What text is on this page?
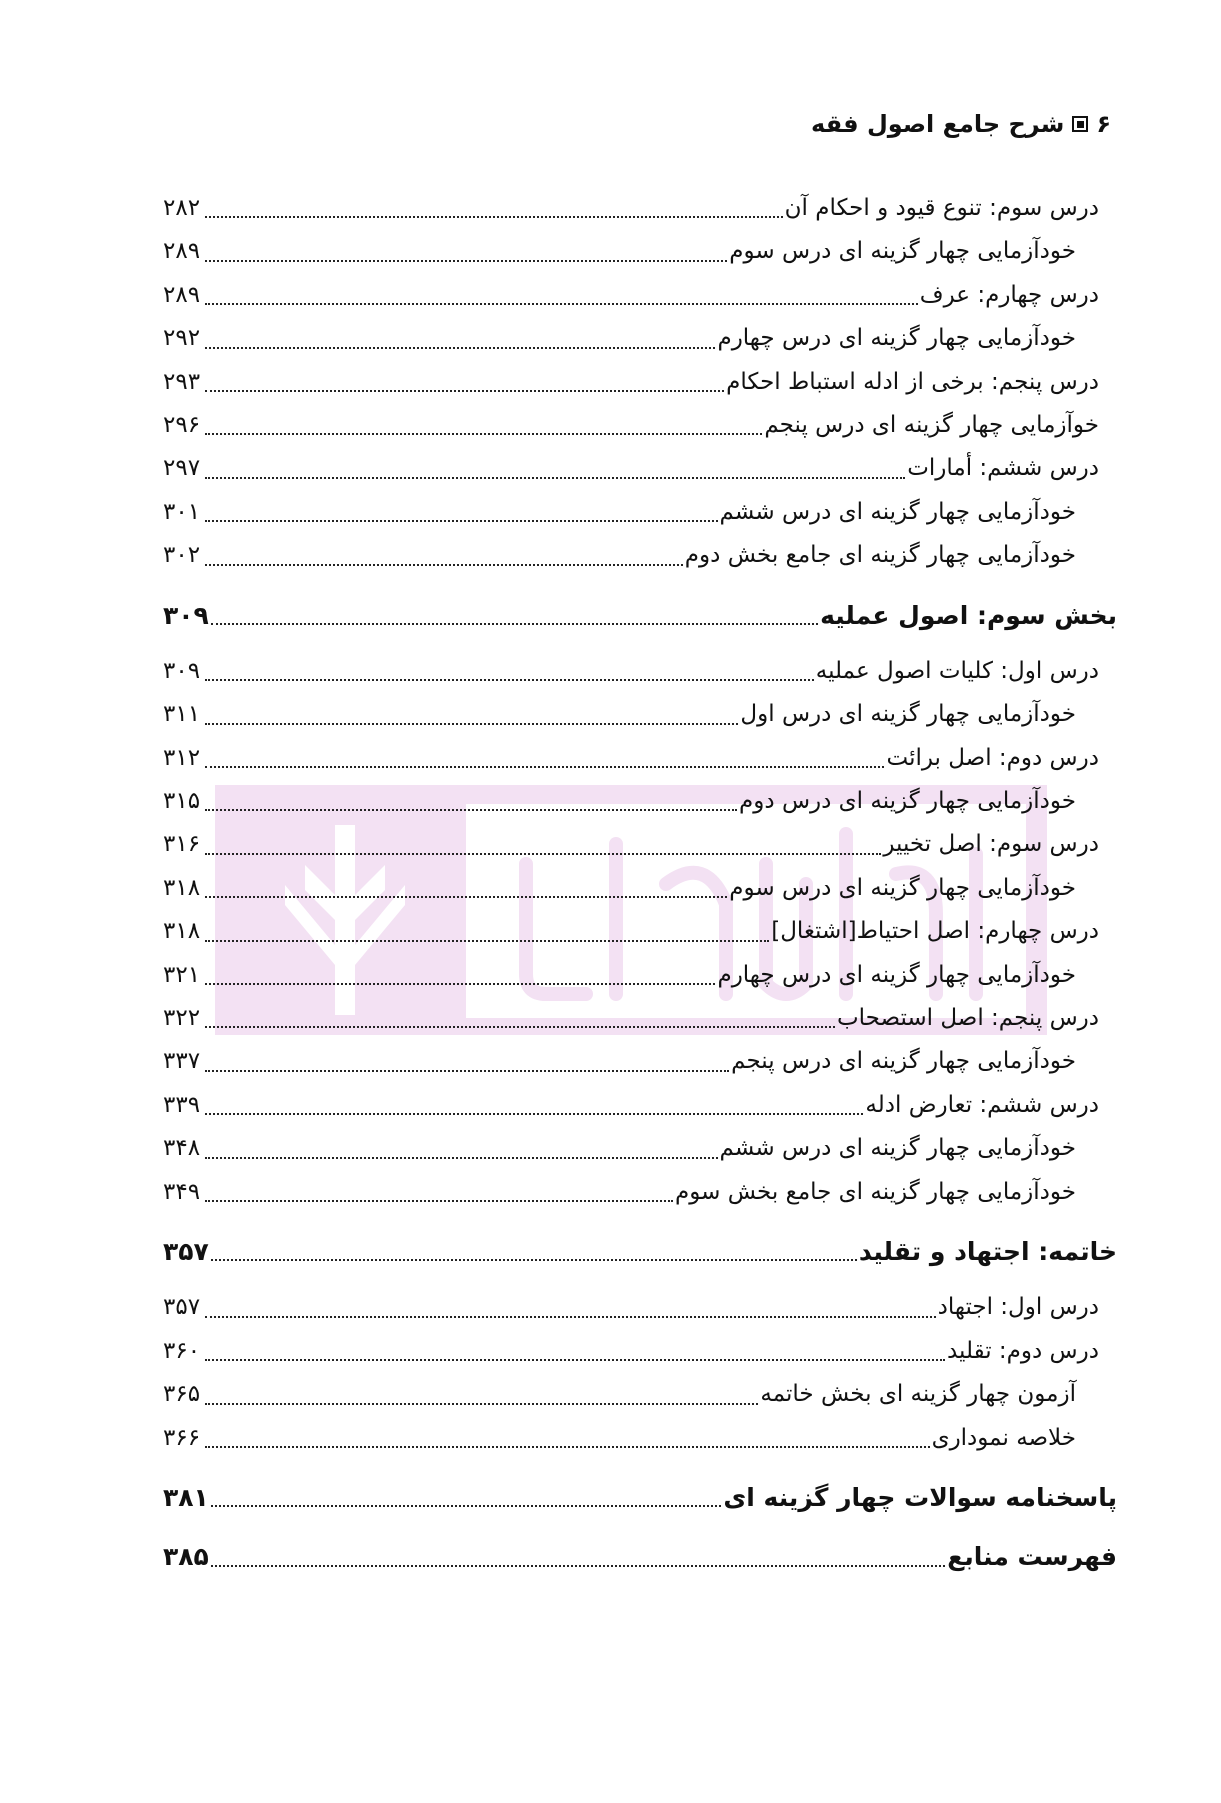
۶
شرح جامع اصول فقه
درس سوم: تنوع قیود و احکام آن
۲۸۲
خودآزمایی چهار گزینه ای درس سوم
۲۸۹
درس چهارم: عرف
۲۸۹
خودآزمایی چهار گزینه ای درس چهارم
۲۹۲
درس پنجم: برخی از ادله استباط احکام
۲۹۳
خوآزمایی چهار گزینه ای درس پنجم
۲۹۶
درس ششم: أمارات
۲۹۷
خودآزمایی چهار گزینه ای درس ششم
۳۰۱
خودآزمایی چهار گزینه ای جامع بخش دوم
۳۰۲
بخش سوم: اصول عملیه
۳۰۹
درس اول: کلیات اصول عملیه
۳۰۹
خودآزمایی چهار گزینه ای درس اول
۳۱۱
درس دوم: اصل برائت
۳۱۲
خودآزمایی چهار گزینه ای درس دوم
۳۱۵
درس سوم: اصل تخییر
۳۱۶
خودآزمایی چهار گزینه ای درس سوم
۳۱۸
درس چهارم: اصل احتیاط[اشتغال]
۳۱۸
خودآزمایی چهار گزینه ای درس چهارم
۳۲۱
درس پنجم: اصل استصحاب
۳۲۲
خودآزمایی چهار گزینه ای درس پنجم
۳۳۷
درس ششم: تعارض ادله
۳۳۹
خودآزمایی چهار گزینه ای درس ششم
۳۴۸
خودآزمایی چهار گزینه ای جامع بخش سوم
۳۴۹
خاتمه: اجتهاد و تقلید
۳۵۷
درس اول: اجتهاد
۳۵۷
درس دوم: تقلید
۳۶۰
آزمون چهار گزینه ای بخش خاتمه
۳۶۵
خلاصه نموداری
۳۶۶
پاسخنامه سوالات چهار گزینه ای
۳۸۱
فهرست منابع
۳۸۵
